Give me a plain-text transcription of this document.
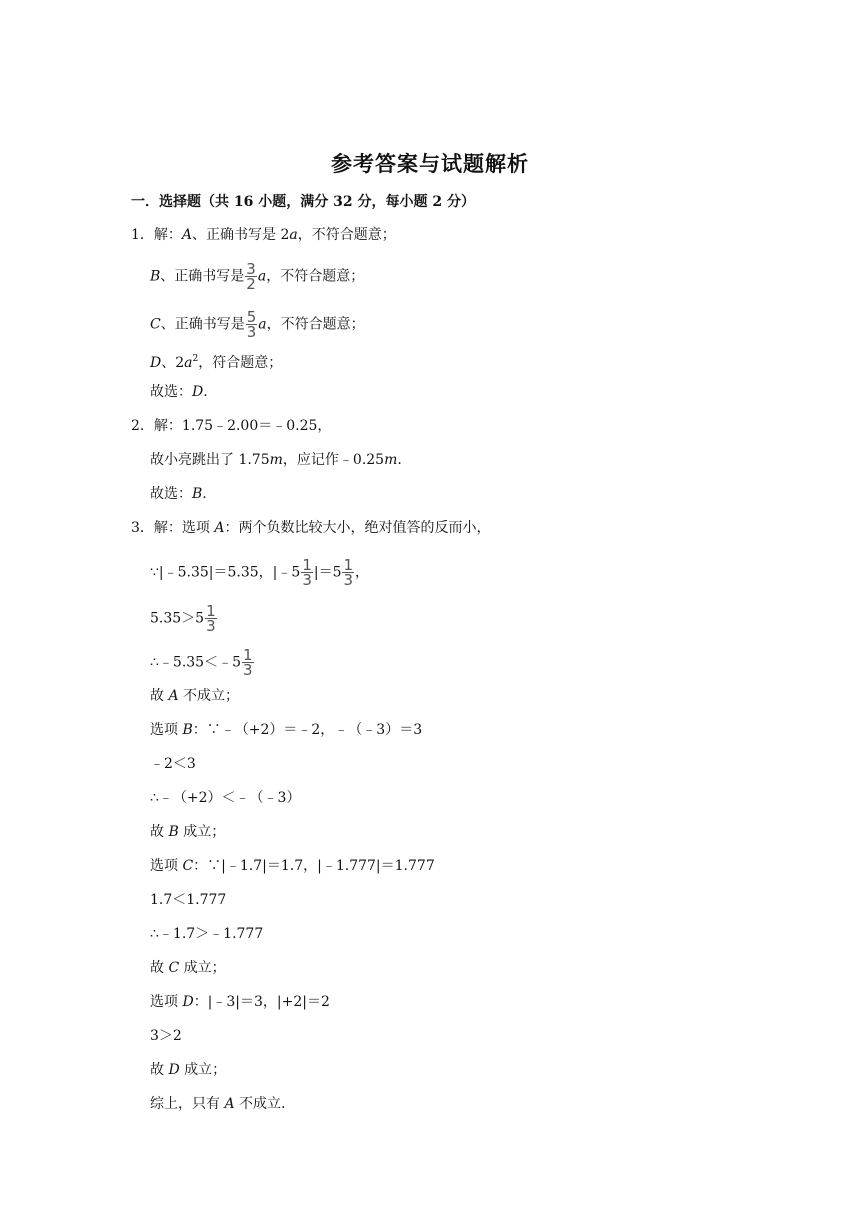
参考答案与试题解析
一．选择题（共 16 小题，满分 32 分，每小题 2 分）
1．解：A、正确书写是 2a，不符合题意；
B、正确书写是 $\frac{3}{2}$ a，不符合题意；
C、正确书写是 $\frac{5}{3}$ a，不符合题意；
D、$2a^2$，符合题意；
故选：D.
2．解：1.75﹣2.00＝﹣0.25，
故小亮跳出了 1.75m，应记作﹣0.25m.
故选：B.
3．解：选项 A：两个负数比较大小，绝对值答的反而小，
∵|﹣5.35|＝5.35，|﹣5 $\frac{1}{3} |=5 \frac{1}{3}$ ，
$5.35>5 \frac{1}{3}$
∴﹣5.35＜﹣5 $\frac{1}{3}$
故 A 不成立；
选项 B：∵﹣（+2）＝﹣2，﹣（﹣3）＝3
﹣2＜3
∴﹣（+2）＜﹣（﹣3）
故 B 成立；
选项 C：∵|﹣1.7|＝1.7，|﹣1.777|＝1.777
1.7＜1.777
∴﹣1.7＞﹣1.777
故 C 成立；
选项 D：|﹣3|＝3，|+2|＝2
3＞2
故 D 成立；
综上，只有 A 不成立.
